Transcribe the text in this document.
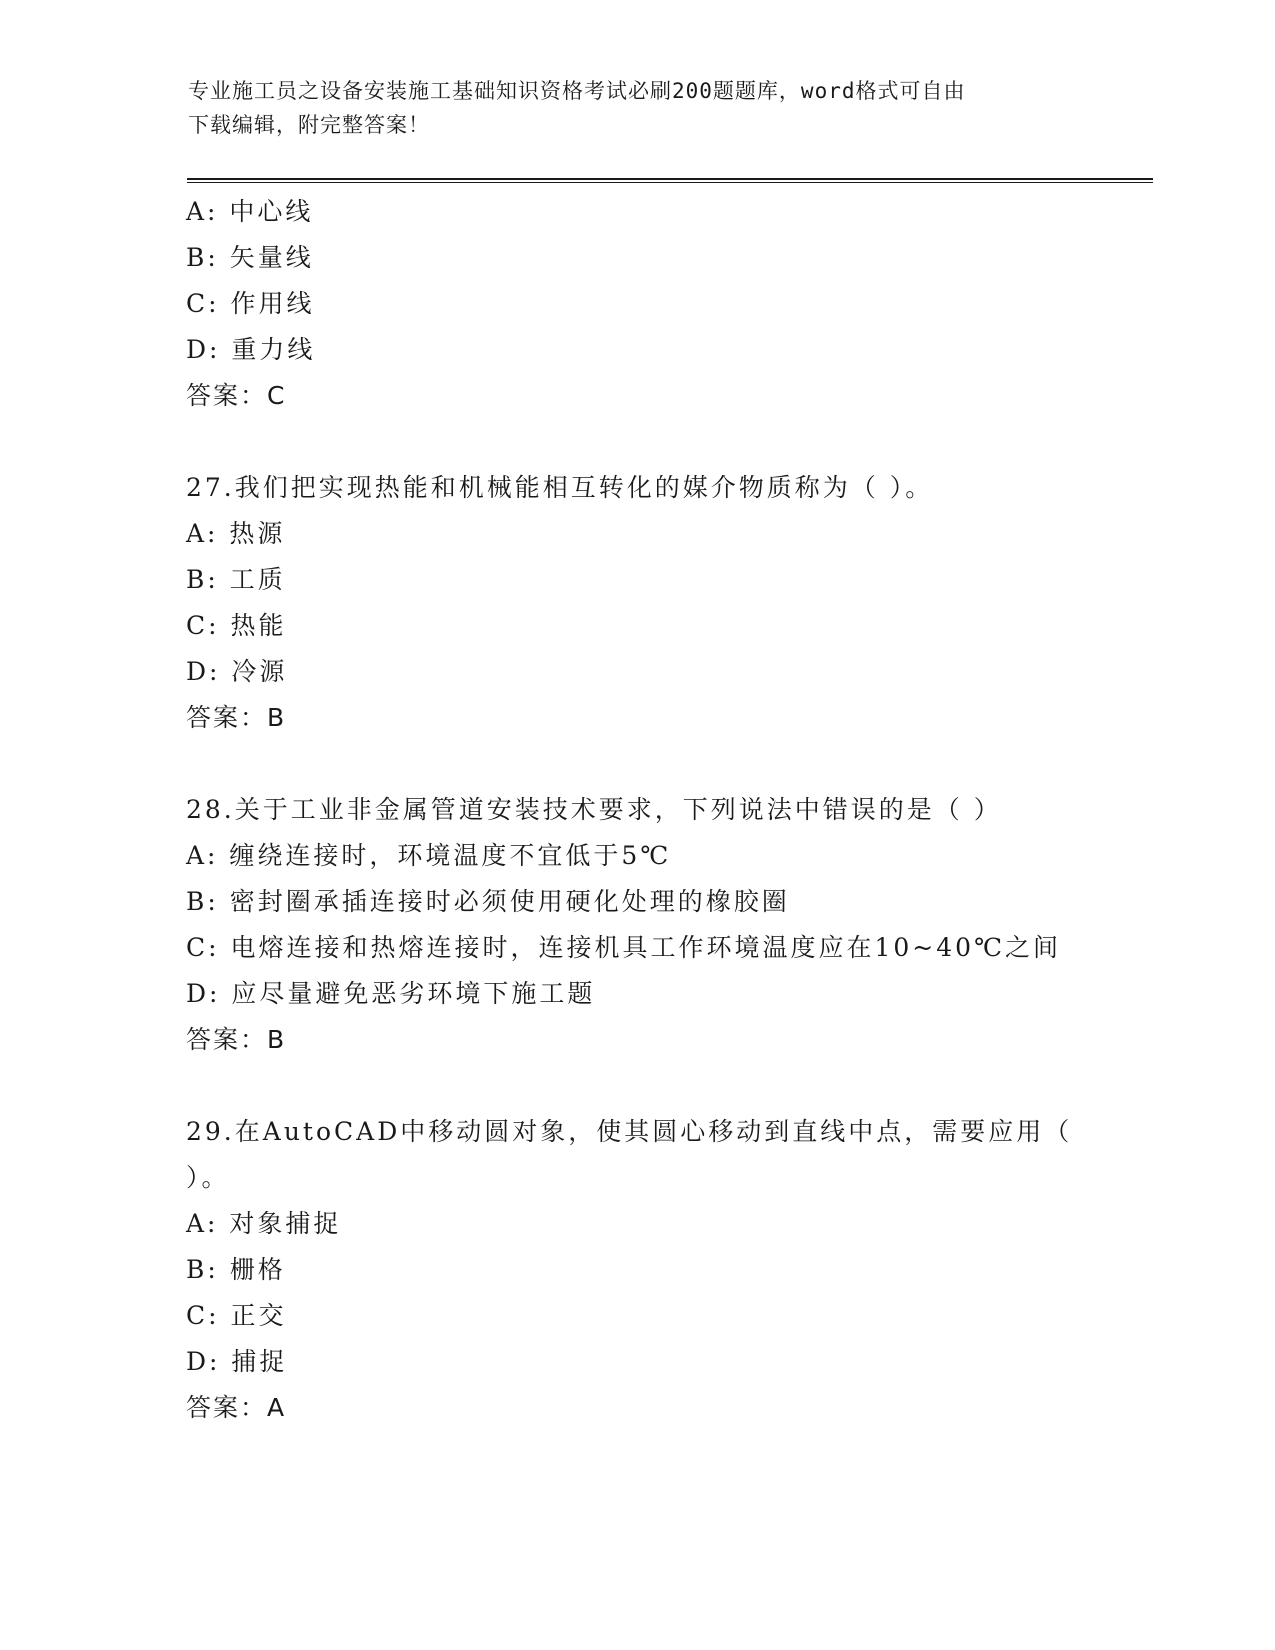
专业施工员之设备安装施工基础知识资格考试必刷200题题库，word格式可自由
下载编辑，附完整答案！
A: 中心线
B: 矢量线
C: 作用线
D: 重力线
答案：C
27.我们把实现热能和机械能相互转化的媒介物质称为（ ）。
A: 热源
B: 工质
C: 热能
D: 冷源
答案：B
28.关于工业非金属管道安装技术要求，下列说法中错误的是（ ）
A: 缠绕连接时，环境温度不宜低于5℃
B: 密封圈承插连接时必须使用硬化处理的橡胶圈
C: 电熔连接和热熔连接时，连接机具工作环境温度应在10~40℃之间
D: 应尽量避免恶劣环境下施工题
答案：B
29.在AutoCAD中移动圆对象，使其圆心移动到直线中点，需要应用（
）。
A: 对象捕捉
B: 栅格
C: 正交
D: 捕捉
答案：A
